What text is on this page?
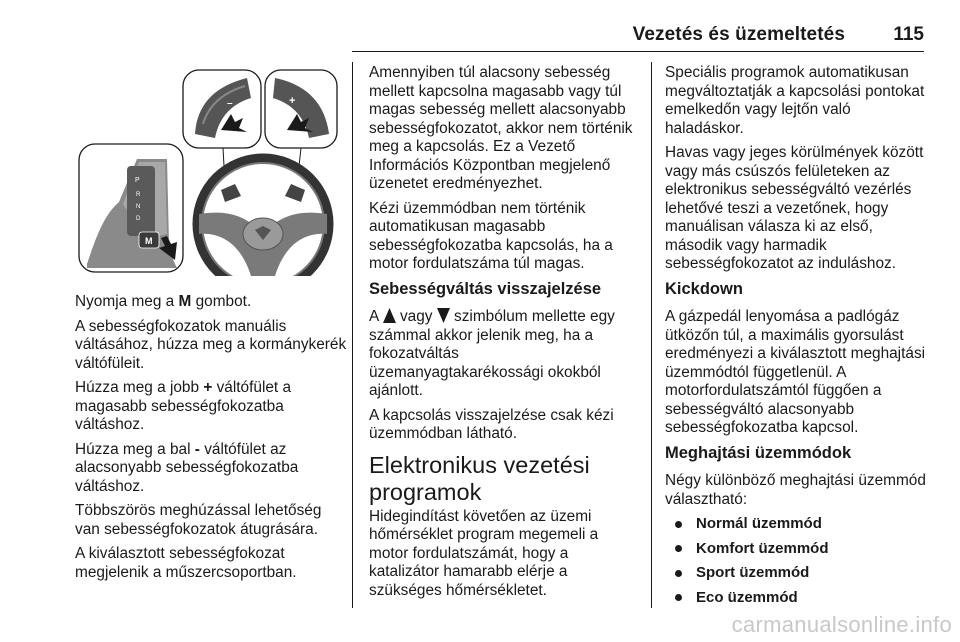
Vezetés és üzemeltetés	115
P
R
N
D
M
–	+

Nyomja meg a M gombot.

A sebességfokozatok manuális váltásához, húzza meg a kormánykerék váltófüleit.

Húzza meg a jobb + váltófület a magasabb sebességfokozatba váltáshoz.

Húzza meg a bal - váltófület az alacsonyabb sebességfokozatba váltáshoz.

Többszörös meghúzással lehetőség van sebességfokozatok átugrására.

A kiválasztott sebességfokozat megjelenik a műszercsoportban.

Amennyiben túl alacsony sebesség mellett kapcsolna magasabb vagy túl magas sebesség mellett alacsonyabb sebességfokozatot, akkor nem történik meg a kapcsolás. Ez a Vezető Információs Központban megjelenő üzenetet eredményezhet.

Kézi üzemmódban nem történik automatikusan magasabb sebességfokozatba kapcsolás, ha a motor fordulatszáma túl magas.

Sebességváltás visszajelzése

A  vagy  szimbólum mellette egy számmal akkor jelenik meg, ha a fokozatváltás üzemanyagtakarékossági okokból ajánlott.

A kapcsolás visszajelzése csak kézi üzemmódban látható.

Elektronikus vezetési programok

Hidegindítást követően az üzemi hőmérséklet program megemeli a motor fordulatszámát, hogy a katalizátor hamarabb elérje a szükséges hőmérsékletet.

Speciális programok automatikusan megváltoztatják a kapcsolási pontokat emelkedőn vagy lejtőn való haladáskor.

Havas vagy jeges körülmények között vagy más csúszós felületeken az elektronikus sebességváltó vezérlés lehetővé teszi a vezetőnek, hogy manuálisan válasza ki az első, második vagy harmadik sebességfokozatot az induláshoz.

Kickdown

A gázpedál lenyomása a padlógáz ütközőn túl, a maximális gyorsulást eredményezi a kiválasztott meghajtási üzemmódtól függetlenül. A motorfordulatszámtól függően a sebességváltó alacsonyabb sebességfokozatba kapcsol.

Meghajtási üzemmódok

Négy különböző meghajtási üzemmód választható:

Normál üzemmód
Komfort üzemmód
Sport üzemmód
Eco üzemmód
carmanualsonline.info
